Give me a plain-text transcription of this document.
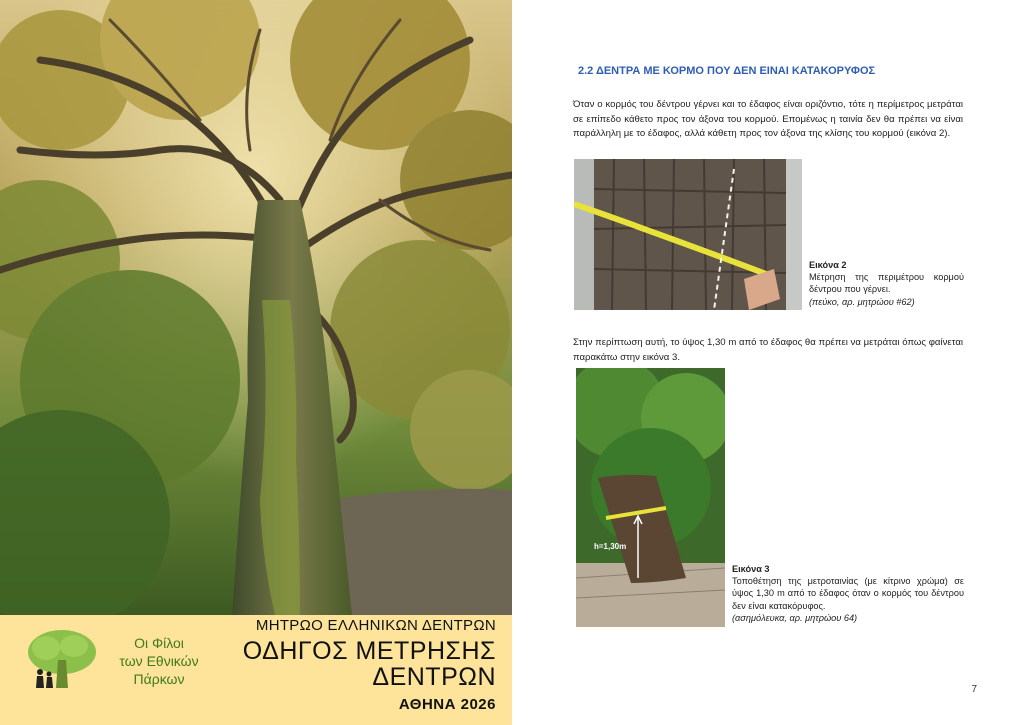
Οι Φίλοι
των Εθνικών
Πάρκων
ΜΗΤΡΩΟ ΕΛΛΗΝΙΚΩΝ ΔΕΝΤΡΩΝ
ΟΔΗΓΟΣ ΜΕΤΡΗΣΗΣ
ΔΕΝΤΡΩΝ
ΑΘΗΝΑ 2026
2.2 ΔΕΝΤΡΑ ΜΕ ΚΟΡΜΟ ΠΟΥ ΔΕΝ ΕΙΝΑΙ ΚΑΤΑΚΟΡΥΦΟΣ
Όταν ο κορμός του δέντρου γέρνει και το έδαφος είναι οριζόντιο, τότε η περίμετρος μετράται σε επίπεδο κάθετο προς τον άξονα του κορμού. Επομένως η ταινία δεν θα πρέπει να είναι παράλληλη με το έδαφος, αλλά κάθετη προς τον άξονα της κλίσης του κορμού (εικόνα 2).
Εικόνα 2
Μέτρηση της περιμέτρου κορμού δέντρου που γέρνει.
(πεύκο, αρ. μητρώου #62)
Στην περίπτωση αυτή, το ύψος 1,30 m από το έδαφος θα πρέπει να μετράται όπως φαίνεται παρακάτω στην εικόνα 3.
h=1,30m
Εικόνα 3
Τοποθέτηση της μετροταινίας (με κίτρινο χρώμα) σε ύψος 1,30 m από το έδαφος όταν ο κορμός του δέντρου δεν είναι κατακόρυφος.
(ασημόλευκα, αρ. μητρώου 64)
7
